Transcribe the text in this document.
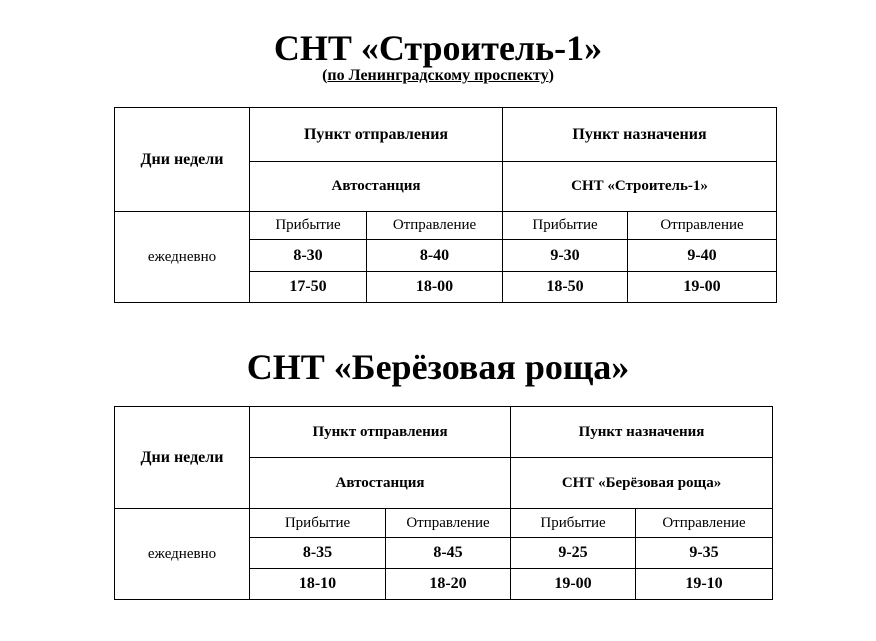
СНТ «Строитель-1»
(по Ленинградскому проспекту)
Дни недели	Пункт отправления		Пункт назначения	
	Автостанция		СНТ «Строитель-1»	
ежедневно	Прибытие	Отправление	Прибытие	Отправление
	8-30	8-40	9-30	9-40
	17-50	18-00	18-50	19-00
СНТ «Берёзовая роща»
Дни недели	Пункт отправления		Пункт назначения	
	Автостанция		СНТ «Берёзовая роща»	
ежедневно	Прибытие	Отправление	Прибытие	Отправление
	8-35	8-45	9-25	9-35
	18-10	18-20	19-00	19-10
